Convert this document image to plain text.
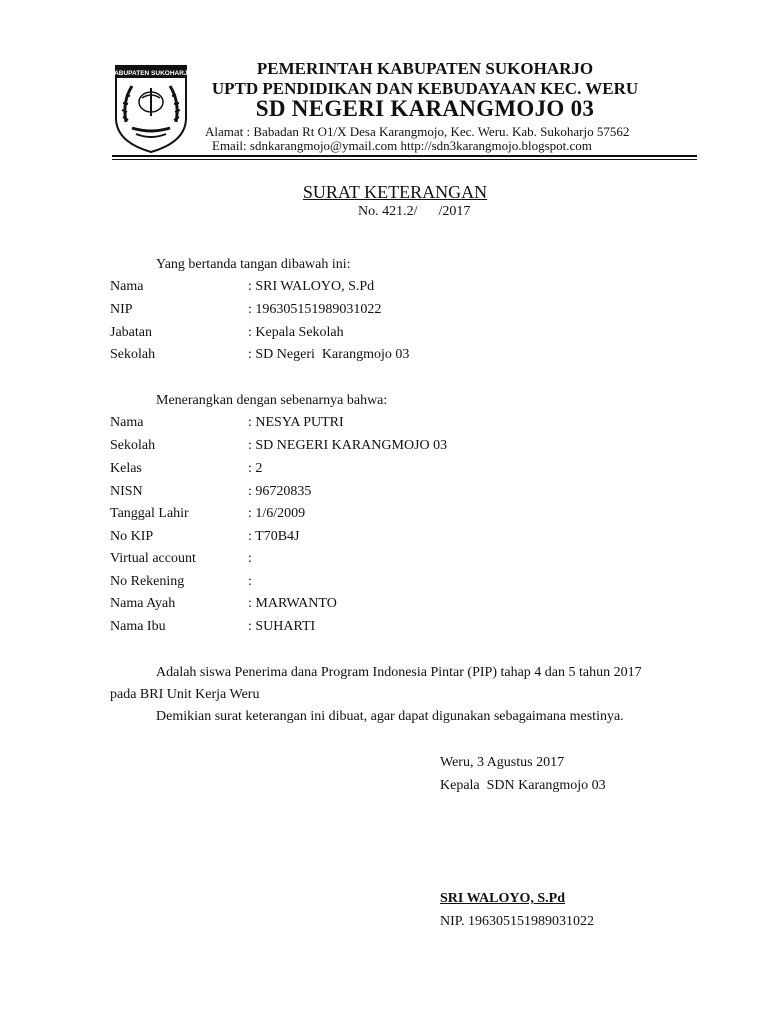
KABUPATEN SUKOHARJO	PEMERINTAH KABUPATEN SUKOHARJO
UPTD PENDIDIKAN DAN KEBUDAYAAN KEC. WERU
SD NEGERI KARANGMOJO 03
Alamat : Babadan Rt O1/X Desa Karangmojo, Kec. Weru. Kab. Sukoharjo 57562
Email: sdnkarangmojo@ymail.com http://sdn3karangmojo.blogspot.com
SURAT KETERANGAN
No. 421.2/      /2017
Yang bertanda tangan dibawah ini:
Nama	: SRI WALOYO, S.Pd
NIP	: 196305151989031022
Jabatan	: Kepala Sekolah
Sekolah	: SD Negeri  Karangmojo 03
Menerangkan dengan sebenarnya bahwa:
Nama	: NESYA PUTRI
Sekolah	: SD NEGERI KARANGMOJO 03
Kelas	: 2
NISN	: 96720835
Tanggal Lahir	: 1/6/2009
No KIP	: T70B4J
Virtual account	:
No Rekening	:
Nama Ayah	: MARWANTO
Nama Ibu	: SUHARTI
Adalah siswa Penerima dana Program Indonesia Pintar (PIP) tahap 4 dan 5 tahun 2017
pada BRI Unit Kerja Weru
Demikian surat keterangan ini dibuat, agar dapat digunakan sebagaimana mestinya.
Weru, 3 Agustus 2017
Kepala  SDN Karangmojo 03
SRI WALOYO, S.Pd
NIP. 196305151989031022
